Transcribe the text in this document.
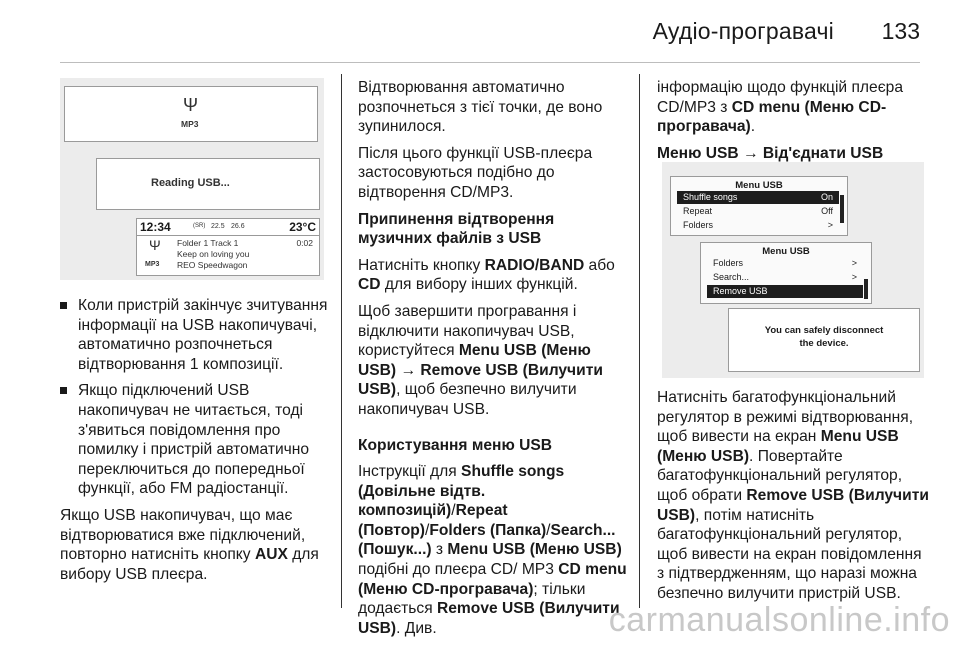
Аудіо-програвачі 133
Ψ
MP3
Reading USB...
12:34	(SR) 22.5 26.6	23°C
Ψ
MP3
Folder 1 Track 1	0:02
Keep on loving you
REO Speedwagon
Коли пристрій закінчує зчитування інформації на USB накопичувачі, автоматично розпочнеться відтворювання 1 композиції.
Якщо підключений USB накопичувач не читається, тоді з'явиться повідомлення про помилку і пристрій автоматично переключиться до попередньої функції, або FM радіостанції.

Якщо USB накопичувач, що має відтворюватися вже підключений, повторно натисніть кнопку AUX для вибору USB плеєра.

Відтворювання автоматично розпочнеться з тієї точки, де воно зупинилося.

Після цього функції USB-плеєра застосовуються подібно до відтворення CD/MP3.

Припинення відтворення музичних файлів з USB

Натисніть кнопку RADIO/BAND або CD для вибору інших функцій.

Щоб завершити програвання і відключити накопичувач USB, користуйтеся Menu USB (Меню USB) → Remove USB (Вилучити USB), щоб безпечно вилучити накопичувач USB.

Користування меню USB

Інструкції для Shuffle songs (Довільне відтв. композицій)/Repeat (Повтор)/Folders (Папка)/Search... (Пошук...) з Menu USB (Меню USB) подібні до плеєра CD/ MP3 CD menu (Меню CD-програвача); тільки додається Remove USB (Вилучити USB). Див.

інформацію щодо функцій плеєра CD/MP3 з CD menu (Меню CD-програвача).

Меню USB → Від'єднати USB

Menu USB
Shuffle songs	On
Repeat	Off
Folders	>
Menu USB
Folders	>
Search...	>
Remove USB
You can safely disconnect
the device.

Натисніть багатофункціональний регулятор в режимі відтворювання, щоб вивести на екран Menu USB (Меню USB). Повертайте багатофункціональний регулятор, щоб обрати Remove USB (Вилучити USB), потім натисніть багатофункціональний регулятор, щоб вивести на екран повідомлення з підтвердженням, що наразі можна безпечно вилучити пристрій USB.

carmanualsonline.info
